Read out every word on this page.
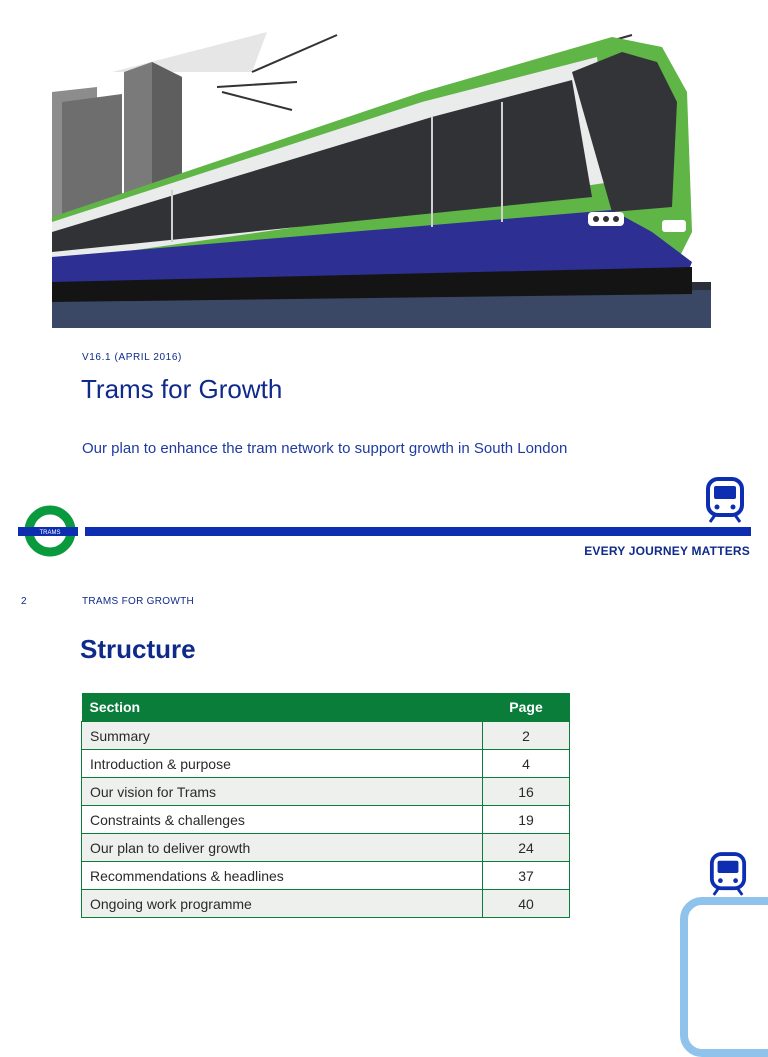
V16.1 (APRIL 2016)
Trams for Growth

Our plan to enhance the tram network to support growth in South London

TRAMS
EVERY JOURNEY MATTERS
2	TRAMS FOR GROWTH
Structure
Section	Page
Summary	2
Introduction & purpose	4
Our vision for Trams	16
Constraints & challenges	19
Our plan to deliver growth	24
Recommendations & headlines	37
Ongoing work programme	40
